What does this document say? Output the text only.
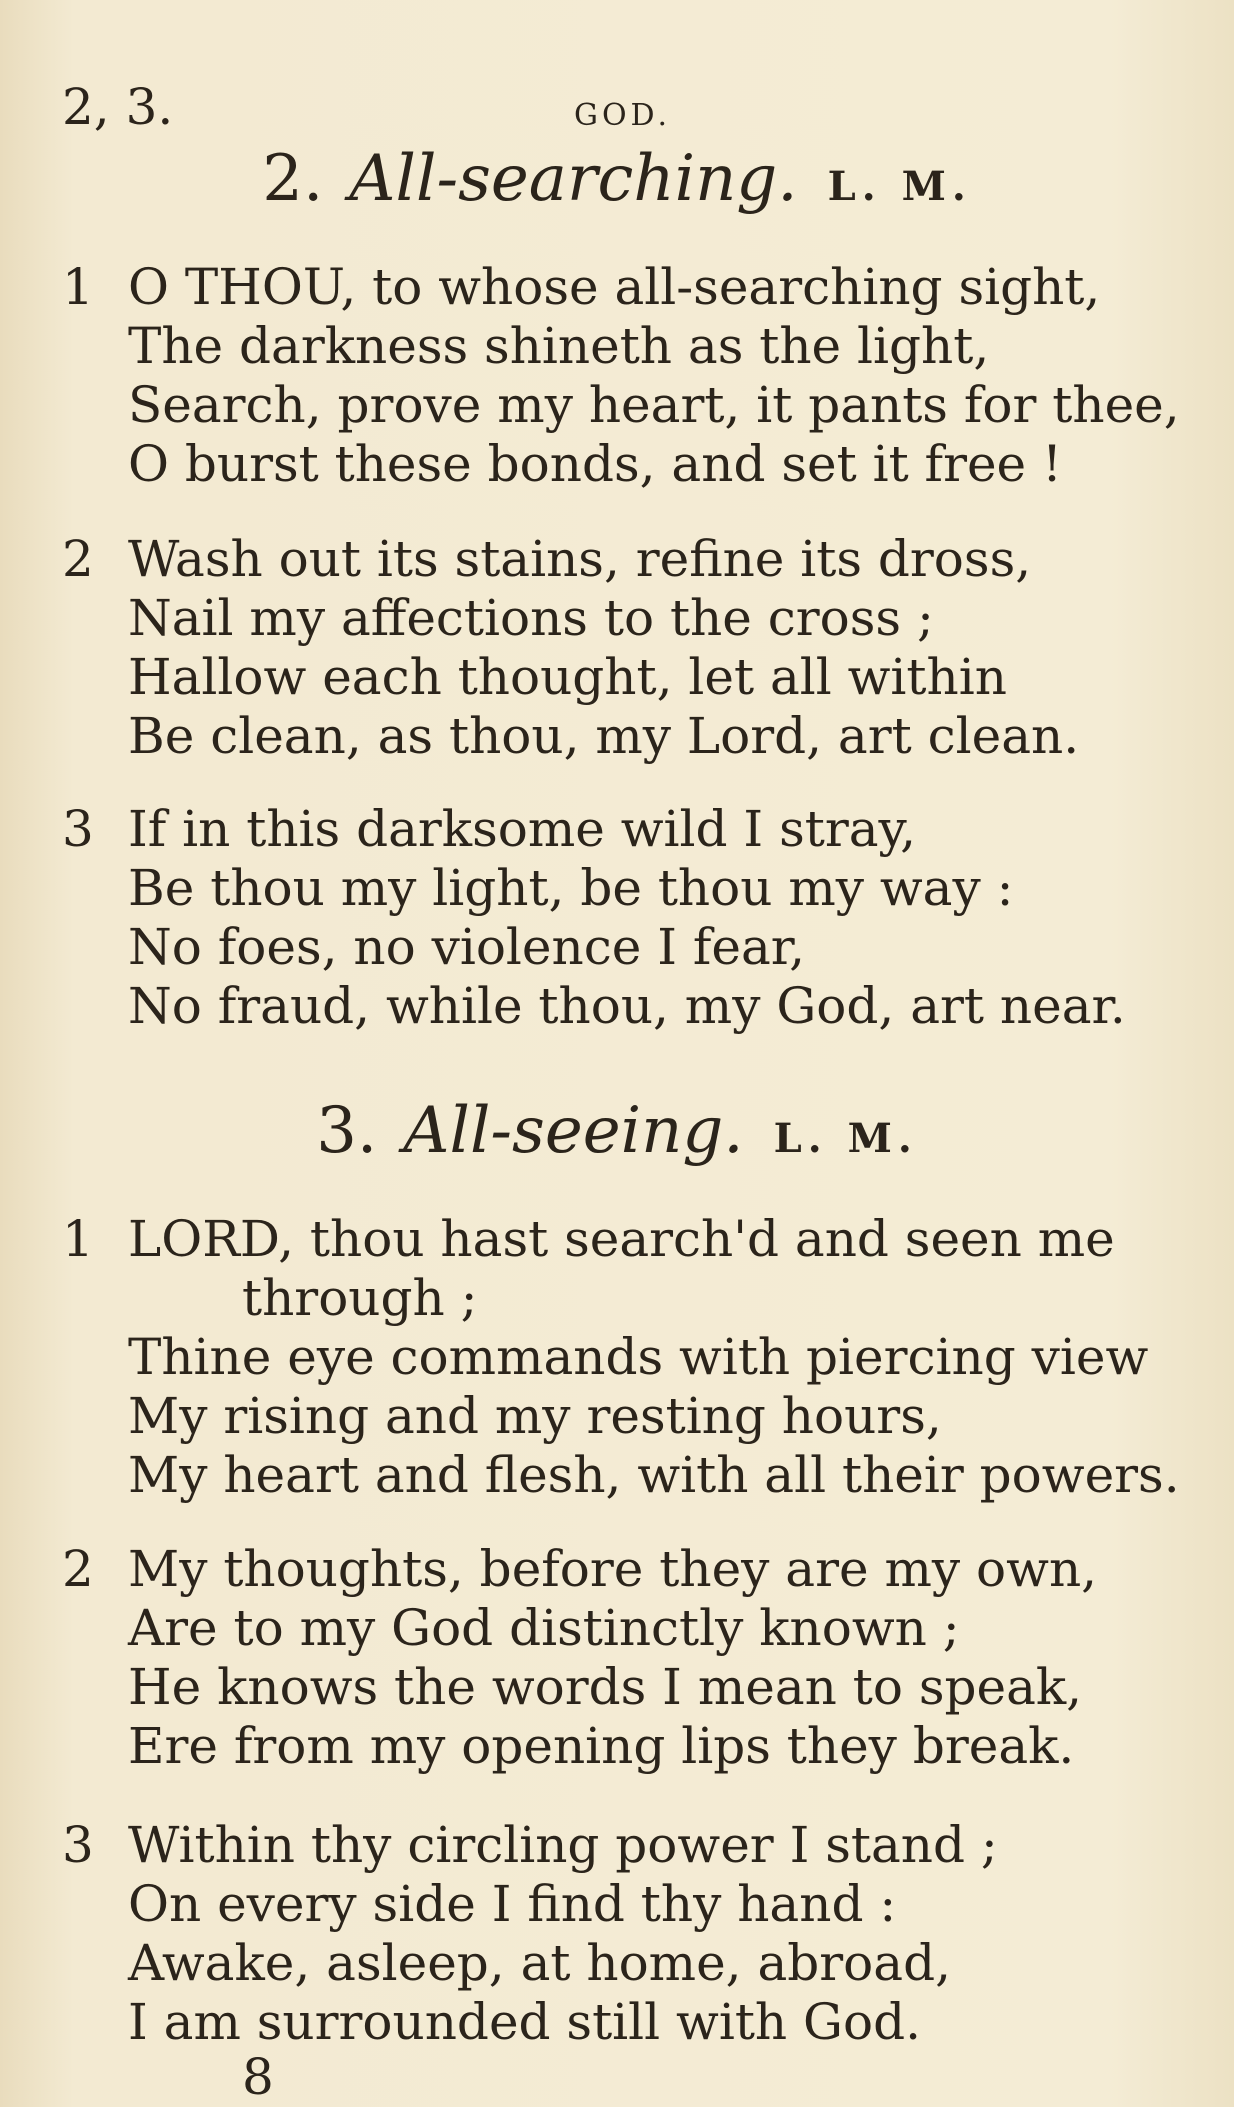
2, 3.	GOD.
2. All-searching. L. M.
1 O THOU, to whose all-searching sight,
The darkness shineth as the light,
Search, prove my heart, it pants for thee,
O burst these bonds, and set it free !
2 Wash out its stains, refine its dross,
Nail my affections to the cross ;
Hallow each thought, let all within
Be clean, as thou, my Lord, art clean.
3 If in this darksome wild I stray,
Be thou my light, be thou my way :
No foes, no violence I fear,
No fraud, while thou, my God, art near.
3. All-seeing. L. M.
1 LORD, thou hast search'd and seen me
through ;
Thine eye commands with piercing view
My rising and my resting hours,
My heart and flesh, with all their powers.
2 My thoughts, before they are my own,
Are to my God distinctly known ;
He knows the words I mean to speak,
Ere from my opening lips they break.
3 Within thy circling power I stand ;
On every side I find thy hand :
Awake, asleep, at home, abroad,
I am surrounded still with God.
8
